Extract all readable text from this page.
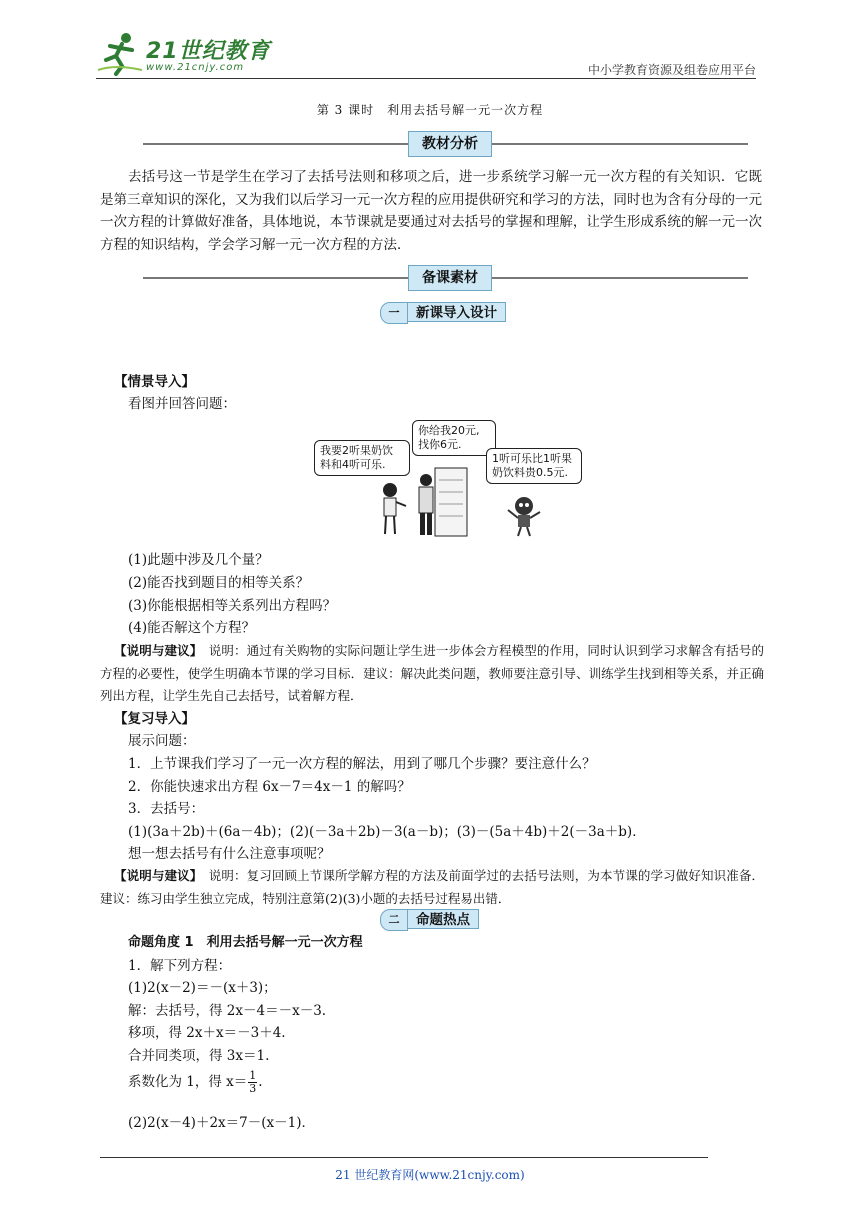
21世纪教育
www.21cnjy.com	中小学教育资源及组卷应用平台
第 3 课时　利用去括号解一元一次方程
教材分析
去括号这一节是学生在学习了去括号法则和移项之后，进一步系统学习解一元一次方程的有关知识．它既是第三章知识的深化，又为我们以后学习一元一次方程的应用提供研究和学习的方法，同时也为含有分母的一元一次方程的计算做好准备，具体地说，本节课就是要通过对去括号的掌握和理解，让学生形成系统的解一元一次方程的知识结构，学会学习解一元一次方程的方法．
备课素材
一 新课导入设计
【情景导入】
看图并回答问题：
我要2听果奶饮
料和4听可乐.
你给我20元,
找你6元.
1听可乐比1听果
奶饮料贵0.5元.
(1)此题中涉及几个量？
(2)能否找到题目的相等关系？
(3)你能根据相等关系列出方程吗？
(4)能否解这个方程？
【说明与建议】　 说明：通过有关购物的实际问题让学生进一步体会方程模型的作用，同时认识到学习求解含有括号的方程的必要性，使学生明确本节课的学习目标．建议：解决此类问题，教师要注意引导、训练学生找到相等关系，并正确列出方程，让学生先自己去括号，试着解方程．
【复习导入】
展示问题：
1．上节课我们学习了一元一次方程的解法，用到了哪几个步骤？要注意什么？
2．你能快速求出方程 6x－7＝4x－1 的解吗？
3．去括号：
(1)(3a＋2b)＋(6a－4b)；(2)(－3a＋2b)－3(a－b)；(3)－(5a＋4b)＋2(－3a＋b)．
想一想去括号有什么注意事项呢？
【说明与建议】　 说明：复习回顾上节课所学解方程的方法及前面学过的去括号法则，为本节课的学习做好知识准备．建议：练习由学生独立完成，特别注意第(2)(3)小题的去括号过程易出错．
二 命题热点
命题角度 1　利用去括号解一元一次方程
1．解下列方程：
(1)2(x－2)＝－(x＋3)；
解：去括号，得 2x－4＝－x－3.
移项，得 2x＋x＝－3＋4.
合并同类项，得 3x＝1.
系数化为 1，得 $x= \frac{1}{3}$ .
(2)2(x－4)＋2x＝7－(x－1)．
21 世纪教育网(www.21cnjy.com)
